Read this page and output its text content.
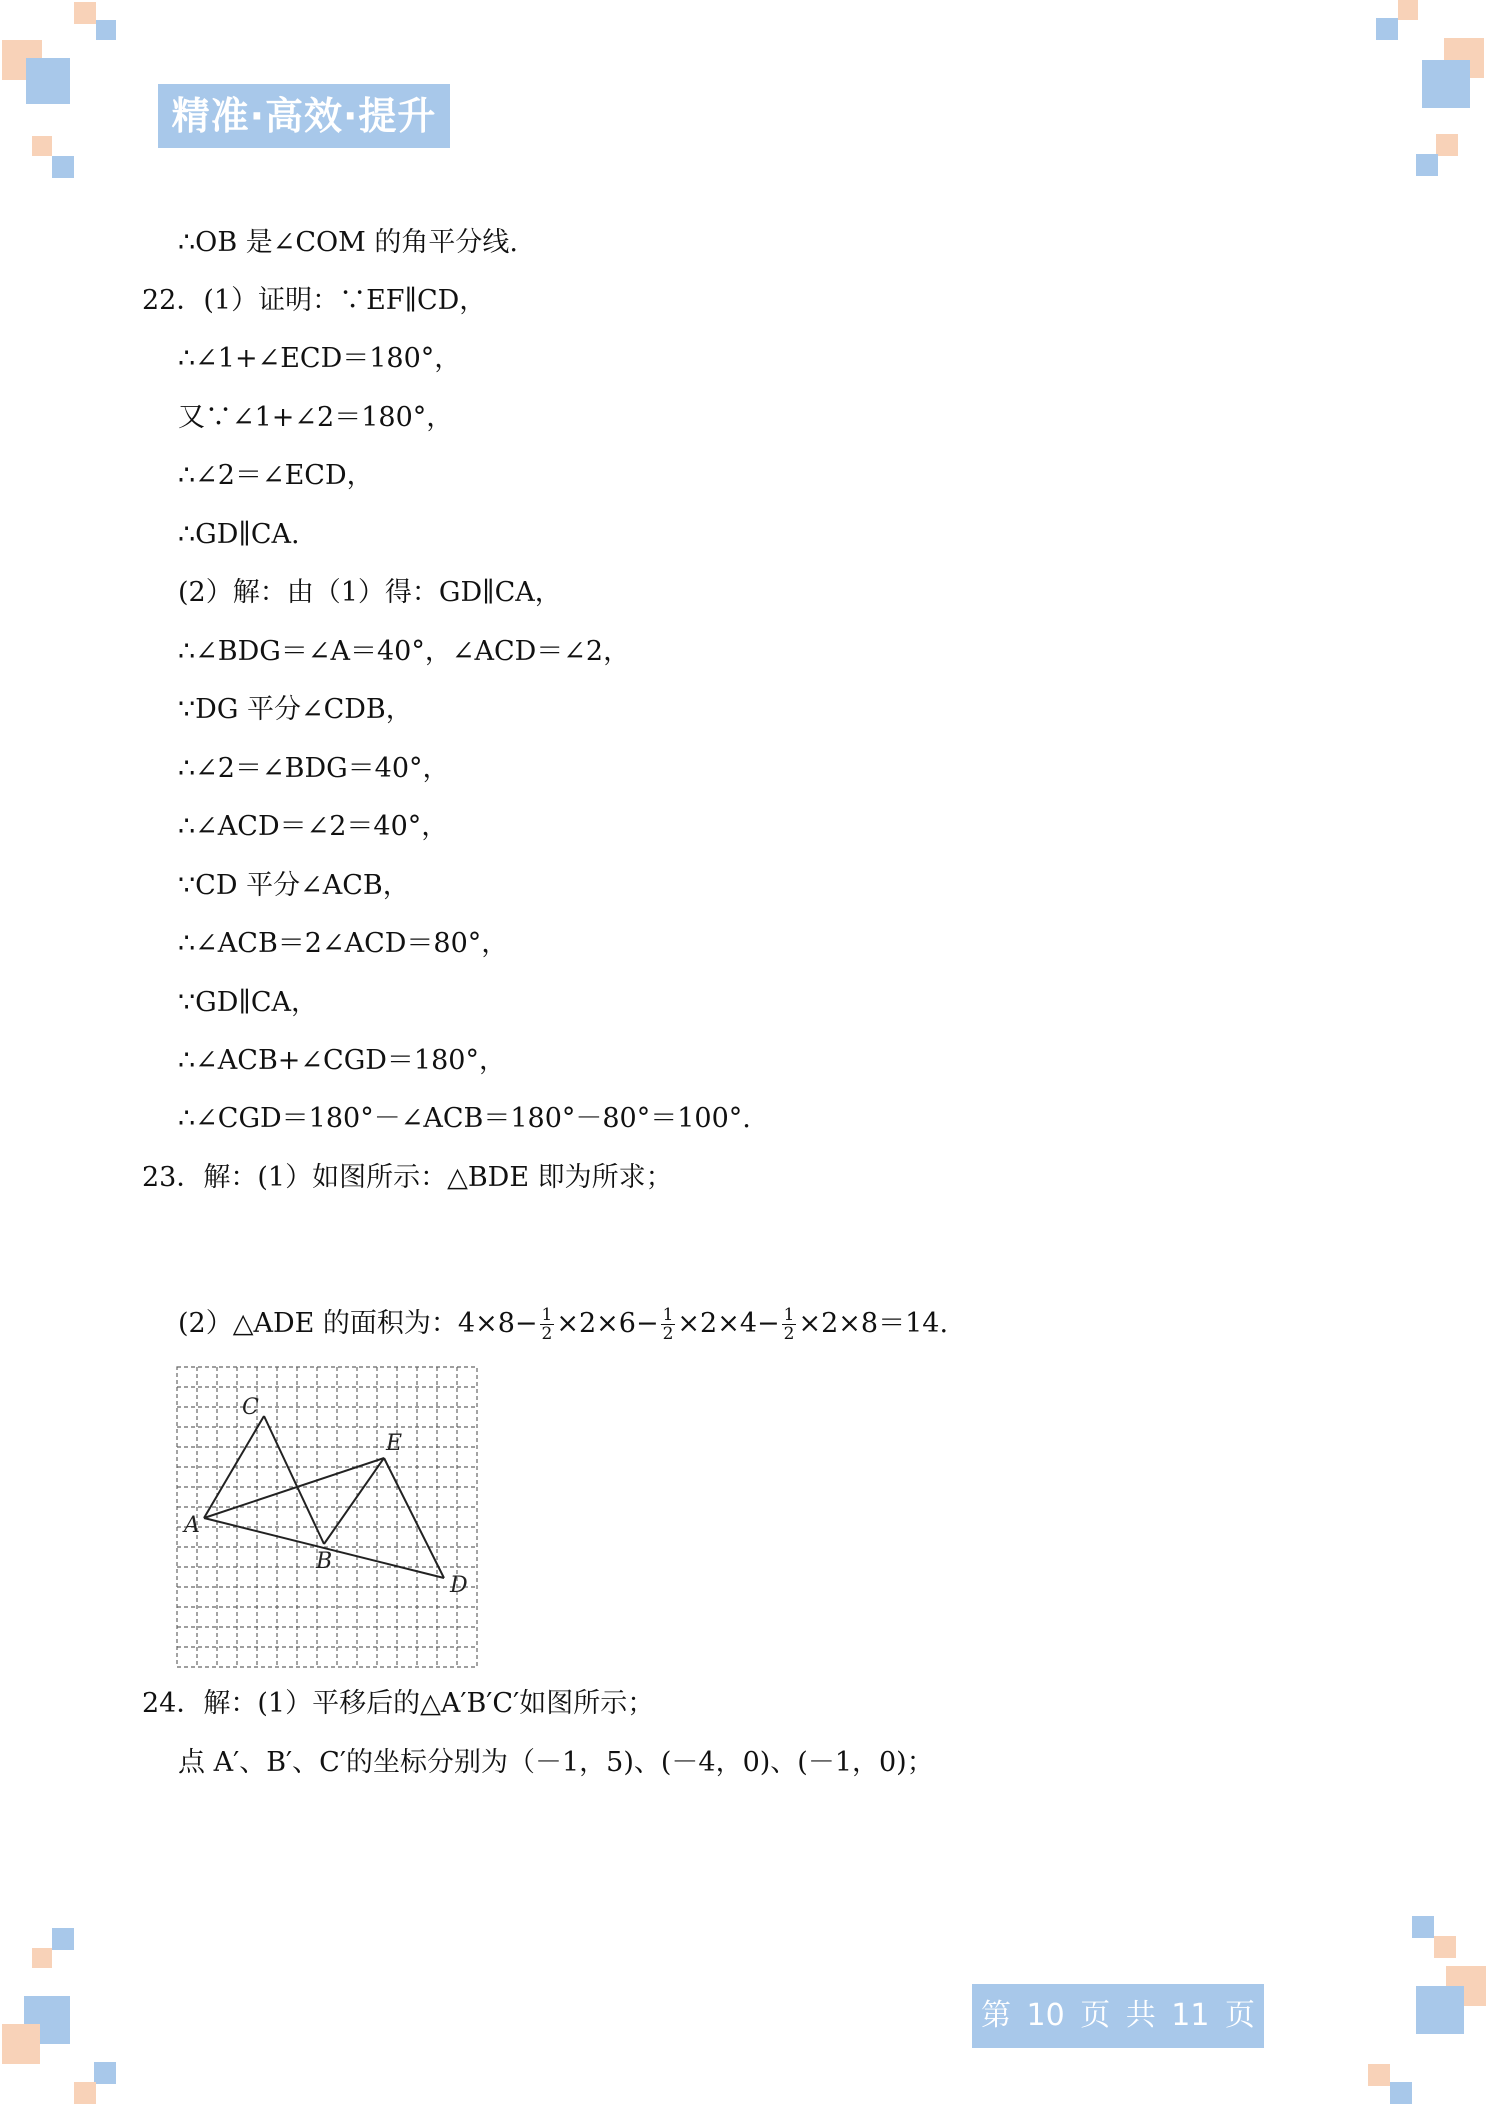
精准·高效·提升
∴OB 是∠COM 的角平分线.
22．(1）证明：∵EF∥CD，
∴∠1+∠ECD＝180°，
又∵∠1+∠2＝180°，
∴∠2＝∠ECD，
∴GD∥CA.
(2）解：由（1）得：GD∥CA，
∴∠BDG＝∠A＝40°，∠ACD＝∠2，
∵DG 平分∠CDB，
∴∠2＝∠BDG＝40°，
∴∠ACD＝∠2＝40°，
∵CD 平分∠ACB，
∴∠ACB＝2∠ACD＝80°，
∵GD∥CA，
∴∠ACB+∠CGD＝180°，
∴∠CGD＝180°－∠ACB＝180°－80°＝100°.
23．解：(1）如图所示：△BDE 即为所求；
(2）△ADE 的面积为：$4\times 8- \frac{1}{2} \times 2\times 6- \frac{1}{2} \times 2\times 4- \frac{1}{2} \times 2\times 8=14$.
A
C
E
B
D
24．解：(1）平移后的△A′B′C′如图所示；
点 A′、B′、C′的坐标分别为（－1，5)、(－4，0)、(－1，0)；
第 10 页 共 11 页
